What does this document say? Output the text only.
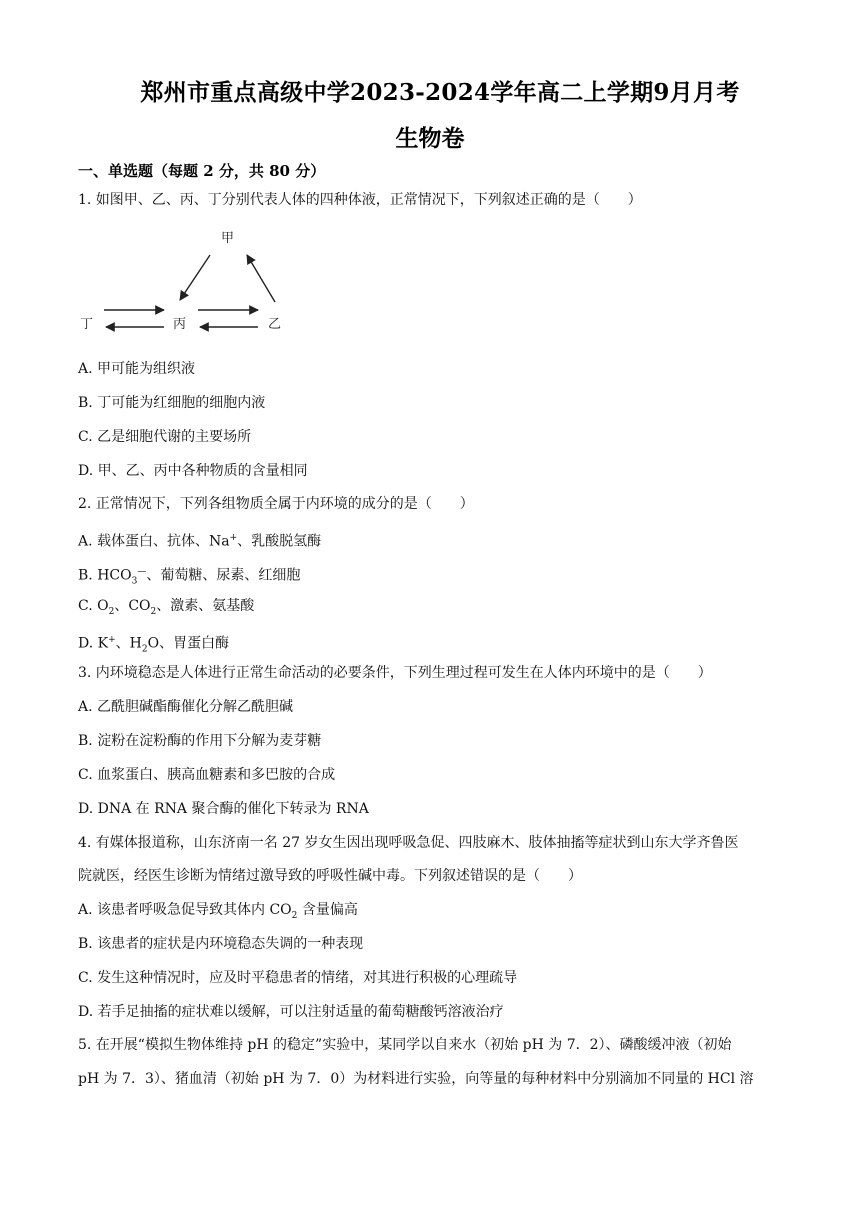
郑州市重点高级中学2023-2024学年高二上学期9月月考
生物卷
一、单选题（每题 2 分，共 80 分）
1. 如图甲、乙、丙、丁分别代表人体的四种体液，正常情况下，下列叙述正确的是（　　）
甲
丁	丙	乙
A. 甲可能为组织液
B. 丁可能为红细胞的细胞内液
C. 乙是细胞代谢的主要场所
D. 甲、乙、丙中各种物质的含量相同
2. 正常情况下，下列各组物质全属于内环境的成分的是（　　）
A. 载体蛋白、抗体、Na+、乳酸脱氢酶
B. $HCO_3^—$、葡萄糖、尿素、红细胞
C. $O_2$、$CO_2$、激素、氨基酸
D. K+、$H_2O$、胃蛋白酶
3. 内环境稳态是人体进行正常生命活动的必要条件，下列生理过程可发生在人体内环境中的是（　　）
A. 乙酰胆碱酯酶催化分解乙酰胆碱
B. 淀粉在淀粉酶的作用下分解为麦芽糖
C. 血浆蛋白、胰高血糖素和多巴胺的合成
D. DNA 在 RNA 聚合酶的催化下转录为 RNA
4. 有媒体报道称，山东济南一名 27 岁女生因出现呼吸急促、四肢麻木、肢体抽搐等症状到山东大学齐鲁医
院就医，经医生诊断为情绪过激导致的呼吸性碱中毒。下列叙述错误的是（　　）
A. 该患者呼吸急促导致其体内 $CO_2$ 含量偏高
B. 该患者的症状是内环境稳态失调的一种表现
C. 发生这种情况时，应及时平稳患者的情绪，对其进行积极的心理疏导
D. 若手足抽搐的症状难以缓解，可以注射适量的葡萄糖酸钙溶液治疗
5. 在开展“模拟生物体维持 pH 的稳定”实验中，某同学以自来水（初始 pH 为 7．2）、磷酸缓冲液（初始
pH 为 7．3）、猪血清（初始 pH 为 7．0）为材料进行实验，向等量的每种材料中分别滴加不同量的 HCl 溶
